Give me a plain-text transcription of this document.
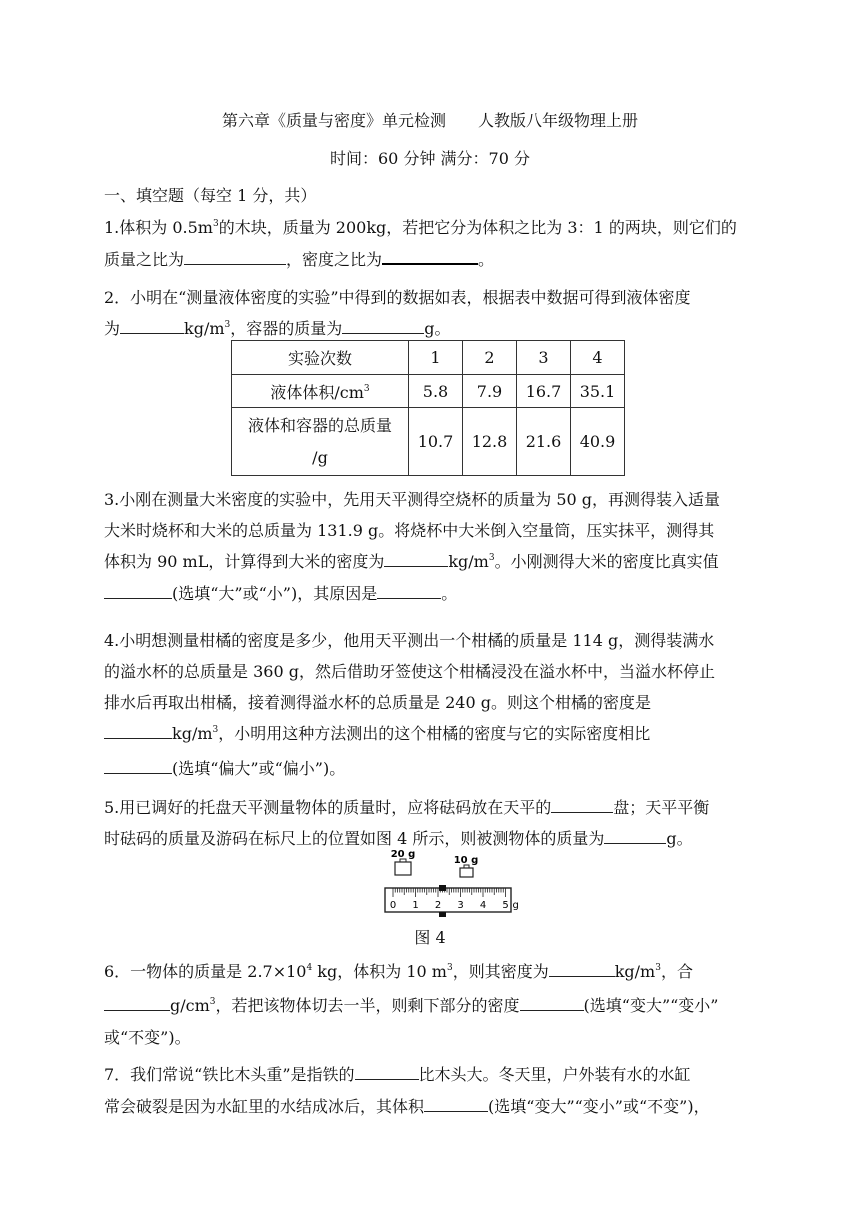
第六章《质量与密度》单元检测 人教版八年级物理上册
时间：60 分钟 满分：70 分
一、填空题（每空 1 分，共）
1.体积为 $0.5m^3$的木块，质量为 200kg，若把它分为体积之比为 3：1 的两块，则它们的
质量之比为	，密度之比为	。
2．小明在“测量液体密度的实验”中得到的数据如表，根据表中数据可得到液体密度
为	$kg/m^3$，容器的质量为	g。
实验次数	1	2	3	4
液体体积$/cm^3$	5.8	7.9	16.7	35.1
液体和容器的总质量
/g	10.7	12.8	21.6	40.9
3.小刚在测量大米密度的实验中，先用天平测得空烧杯的质量为 50 g，再测得装入适量
大米时烧杯和大米的总质量为 131.9 g。将烧杯中大米倒入空量筒，压实抹平，测得其
体积为 90 mL，计算得到大米的密度为	$kg/m^3$。小刚测得大米的密度比真实值
(选填“大”或“小”)，其原因是	。
4.小明想测量柑橘的密度是多少，他用天平测出一个柑橘的质量是 114 g，测得装满水
的溢水杯的总质量是 360 g，然后借助牙签使这个柑橘浸没在溢水杯中，当溢水杯停止
排水后再取出柑橘，接着测得溢水杯的总质量是 240 g。则这个柑橘的密度是
$kg/m^3$，小明用这种方法测出的这个柑橘的密度与它的实际密度相比
(选填“偏大”或“偏小”)。
5.用已调好的托盘天平测量物体的质量时，应将砝码放在天平的	盘；天平平衡
时砝码的质量及游码在标尺上的位置如图 4 所示，则被测物体的质量为	g。
20 g
10 g
0 1 2 3 4 5 g
图 4
6．一物体的质量是 $2.7\times 10^4$ kg，体积为 10 $m^3$，则其密度为	$kg/m^3$，合
$g/cm^3$，若把该物体切去一半，则剩下部分的密度	(选填“变大”“变小”
或“不变”)。
7．我们常说“铁比木头重”是指铁的	比木头大。冬天里，户外装有水的水缸
常会破裂是因为水缸里的水结成冰后，其体积	(选填“变大”“变小”或“不变”)，
